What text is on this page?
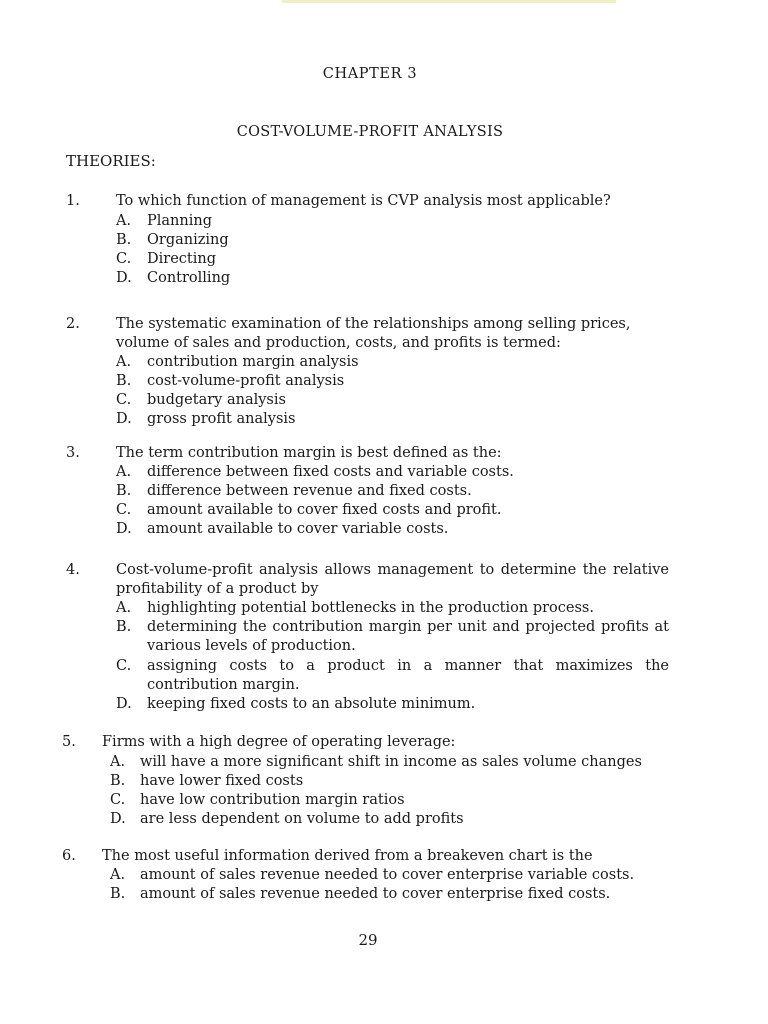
CHAPTER 3
COST-VOLUME-PROFIT ANALYSIS
THEORIES:
1. To which function of management is CVP analysis most applicable?
A. Planning
B. Organizing
C. Directing
D. Controlling
2. The systematic examination of the relationships among selling prices, volume of sales and production, costs, and profits is termed:
A. contribution margin analysis
B. cost-volume-profit analysis
C. budgetary analysis
D. gross profit analysis
3. The term contribution margin is best defined as the:
A. difference between fixed costs and variable costs.
B. difference between revenue and fixed costs.
C. amount available to cover fixed costs and profit.
D. amount available to cover variable costs.
4. Cost-volume-profit analysis allows management to determine the relative profitability of a product by
A. highlighting potential bottlenecks in the production process.
B. determining the contribution margin per unit and projected profits at various levels of production.
C. assigning costs to a product in a manner that maximizes the contribution margin.
D. keeping fixed costs to an absolute minimum.
5. Firms with a high degree of operating leverage:
A. will have a more significant shift in income as sales volume changes
B. have lower fixed costs
C. have low contribution margin ratios
D. are less dependent on volume to add profits
6. The most useful information derived from a breakeven chart is the
A. amount of sales revenue needed to cover enterprise variable costs.
B. amount of sales revenue needed to cover enterprise fixed costs.
29
